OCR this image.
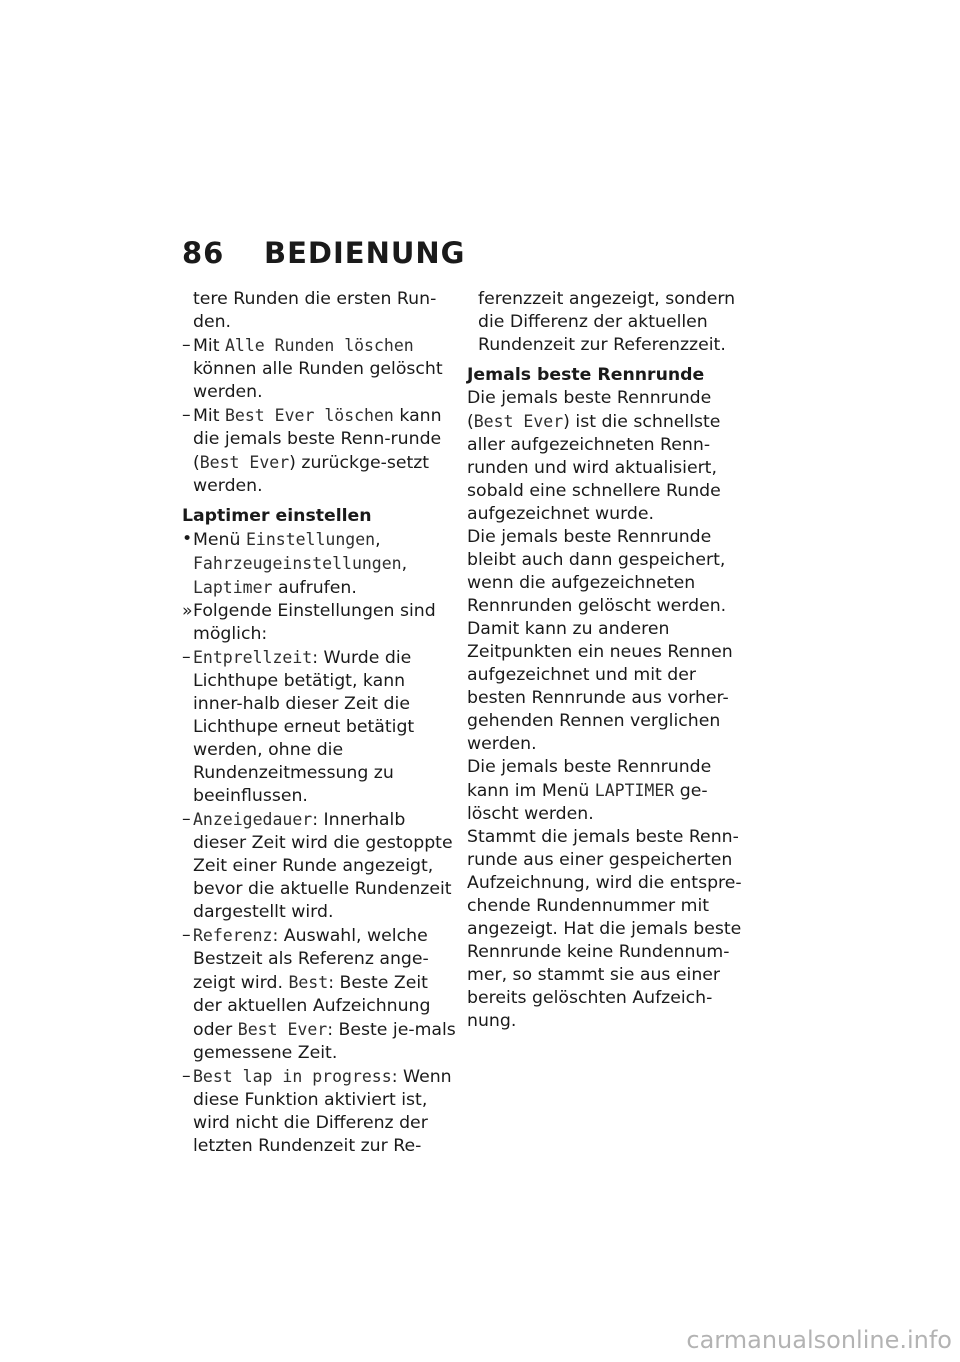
86	BEDIENUNG

tere Runden die ersten Run-den.

– Mit Alle Runden löschen können alle Runden gelöscht werden.

– Mit Best Ever löschen kann die jemals beste Renn-runde (Best Ever) zurückge-setzt werden.

Laptimer einstellen

• Menü Einstellungen, Fahrzeugeinstellungen, Laptimer aufrufen.

» Folgende Einstellungen sind möglich:

– Entprellzeit: Wurde die Lichthupe betätigt, kann inner-halb dieser Zeit die Lichthupe erneut betätigt werden, ohne die Rundenzeitmessung zu beeinflussen.

– Anzeigedauer: Innerhalb dieser Zeit wird die gestoppte Zeit einer Runde angezeigt, bevor die aktuelle Rundenzeit dargestellt wird.

– Referenz: Auswahl, welche Bestzeit als Referenz ange-zeigt wird. Best: Beste Zeit der aktuellen Aufzeichnung oder Best Ever: Beste je-mals gemessene Zeit.

– Best lap in progress: Wenn diese Funktion aktiviert ist, wird nicht die Differenz der letzten Rundenzeit zur Re-

ferenzzeit angezeigt, sondern die Differenz der aktuellen Rundenzeit zur Referenzzeit.

Jemals beste Rennrunde

Die jemals beste Rennrunde (Best Ever) ist die schnellste aller aufgezeichneten Renn-runden und wird aktualisiert, sobald eine schnellere Runde aufgezeichnet wurde.

Die jemals beste Rennrunde bleibt auch dann gespeichert, wenn die aufgezeichneten Rennrunden gelöscht werden. Damit kann zu anderen Zeitpunkten ein neues Rennen aufgezeichnet und mit der besten Rennrunde aus vorher-gehenden Rennen verglichen werden.

Die jemals beste Rennrunde kann im Menü LAPTIMER ge-löscht werden.

Stammt die jemals beste Renn-runde aus einer gespeicherten Aufzeichnung, wird die entspre-chende Rundennummer mit angezeigt. Hat die jemals beste Rennrunde keine Rundennum-mer, so stammt sie aus einer bereits gelöschten Aufzeich-nung.

carmanualsonline.info
